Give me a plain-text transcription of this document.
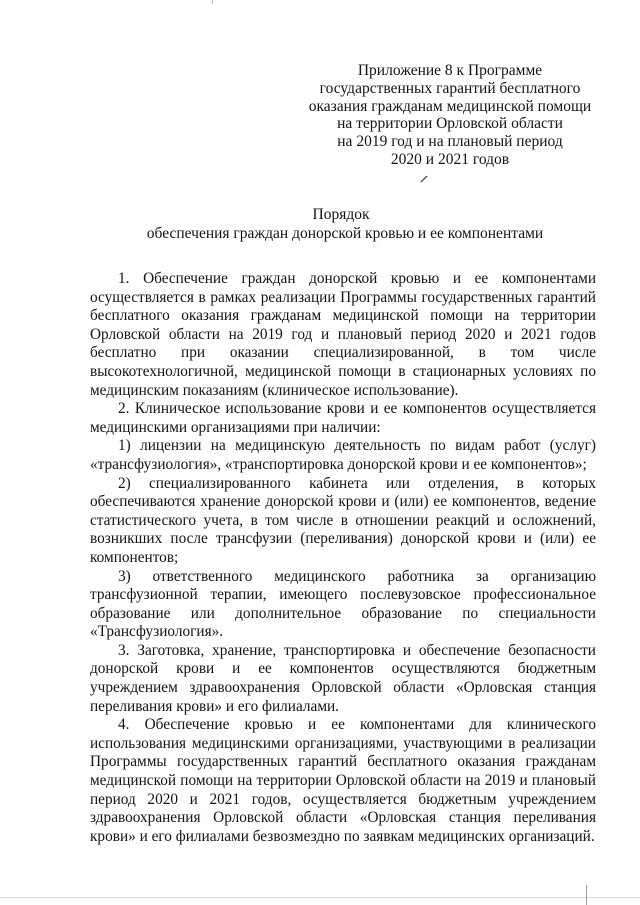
Приложение 8 к Программе
государственных гарантий бесплатного
оказания гражданам медицинской помощи
на территории Орловской области
на 2019 год и на плановый период
2020 и 2021 годов
Порядок
обеспечения граждан донорской кровью и ее компонентами

1. Обеспечение граждан донорской кровью и ее компонентами осуществляется в рамках реализации Программы государственных гарантий бесплатного оказания гражданам медицинской помощи на территории Орловской области на 2019 год и плановый период 2020 и 2021 годов бесплатно при оказании специализированной, в том числе высокотехнологичной, медицинской помощи в стационарных условиях по медицинским показаниям (клиническое использование).

2. Клиническое использование крови и ее компонентов осуществляется медицинскими организациями при наличии:

1) лицензии на медицинскую деятельность по видам работ (услуг) «трансфузиология», «транспортировка донорской крови и ее компонентов»;

2) специализированного кабинета или отделения, в которых обеспечиваются хранение донорской крови и (или) ее компонентов, ведение статистического учета, в том числе в отношении реакций и осложнений, возникших после трансфузии (переливания) донорской крови и (или) ее компонентов;

3) ответственного медицинского работника за организацию трансфузионной терапии, имеющего послевузовское профессиональное образование или дополнительное образование по специальности «Трансфузиология».

3. Заготовка, хранение, транспортировка и обеспечение безопасности донорской крови и ее компонентов осуществляются бюджетным учреждением здравоохранения Орловской области «Орловская станция переливания крови» и его филиалами.

4. Обеспечение кровью и ее компонентами для клинического использования медицинскими организациями, участвующими в реализации Программы государственных гарантий бесплатного оказания гражданам медицинской помощи на территории Орловской области на 2019 и плановый период 2020 и 2021 годов, осуществляется бюджетным учреждением здравоохранения Орловской области «Орловская станция переливания крови» и его филиалами безвозмездно по заявкам медицинских организаций.
